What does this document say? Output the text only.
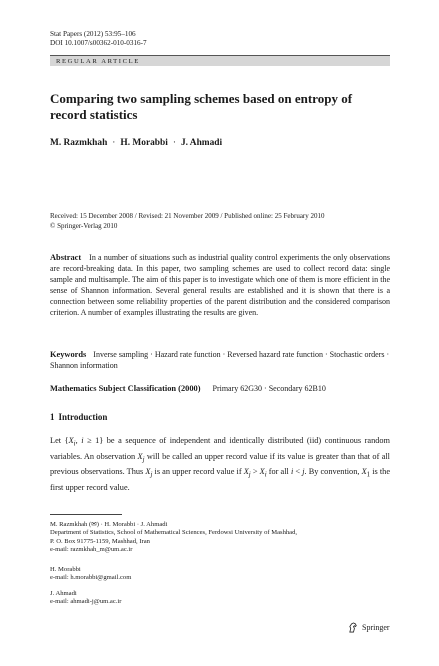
Stat Papers (2012) 53:95–106
DOI 10.1007/s00362-010-0316-7
REGULAR ARTICLE
Comparing two sampling schemes based on entropy of record statistics
M. Razmkhah · H. Morabbi · J. Ahmadi
Received: 15 December 2008 / Revised: 21 November 2009 / Published online: 25 February 2010
© Springer-Verlag 2010
Abstract In a number of situations such as industrial quality control experiments the only observations are record-breaking data. In this paper, two sampling schemes are used to collect record data: single sample and multisample. The aim of this paper is to investigate which one of them is more efficient in the sense of Shannon information. Several general results are established and it is shown that there is a connection between some reliability properties of the parent distribution and the considered comparison criterion. A number of examples illustrating the results are given.
Keywords Inverse sampling · Hazard rate function · Reversed hazard rate function · Stochastic orders · Shannon information
Mathematics Subject Classification (2000) Primary 62G30 · Secondary 62B10
1 Introduction
Let {$X_i$, i ≥ 1} be a sequence of independent and identically distributed (iid) continuous random variables. An observation $X_j$ will be called an upper record value if its value is greater than that of all previous observations. Thus $X_j$ is an upper record value if $X_j > X_i$ for all i < j. By convention, $X_1$ is the first upper record value.
M. Razmkhah (✉) · H. Morabbi · J. Ahmadi
Department of Statistics, School of Mathematical Sciences, Ferdowsi University of Mashhad,
P. O. Box 91775-1159, Mashhad, Iran
e-mail: razmkhah_m@um.ac.ir
H. Morabbi
e-mail: h.morabbi@gmail.com
J. Ahmadi
e-mail: ahmadi-j@um.ac.ir
Springer
